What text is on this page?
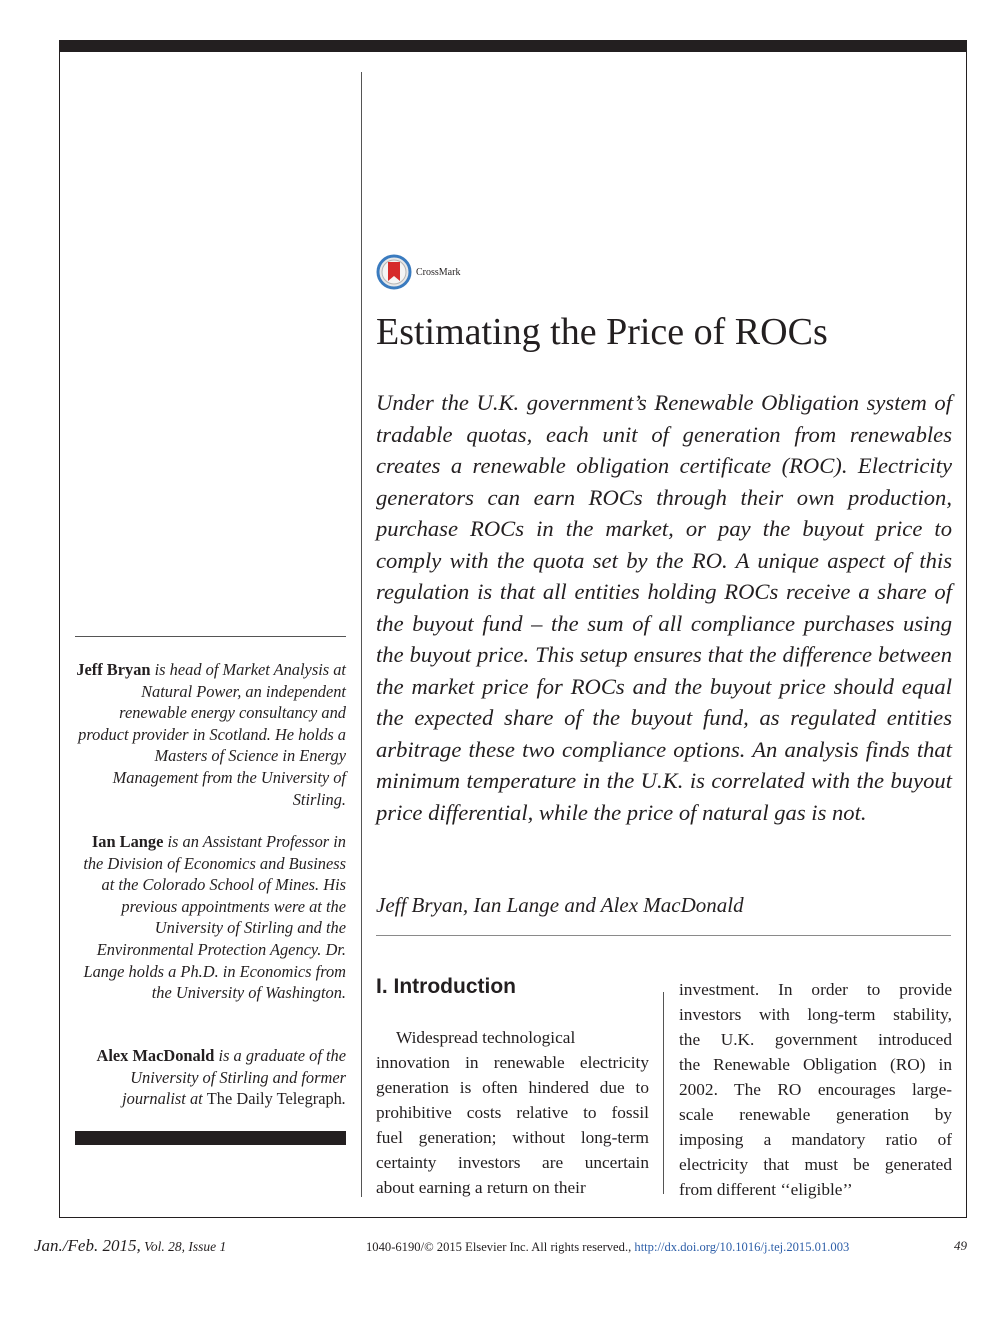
CrossMark
Estimating the Price of ROCs

Under the U.K. government’s Renewable Obligation system of tradable quotas, each unit of generation from renewables creates a renewable obligation certificate (ROC). Electricity generators can earn ROCs through their own production, purchase ROCs in the market, or pay the buyout price to comply with the quota set by the RO. A unique aspect of this regulation is that all entities holding ROCs receive a share of the buyout fund – the sum of all compliance purchases using the buyout price. This setup ensures that the difference between the market price for ROCs and the buyout price should equal the expected share of the buyout fund, as regulated entities arbitrage these two compliance options. An analysis finds that minimum temperature in the U.K. is correlated with the buyout price differential, while the price of natural gas is not.

Jeff Bryan, Ian Lange and Alex MacDonald

I. Introduction
Widespread technological
innovation in renewable electricity
generation is often hindered due to
prohibitive costs relative to fossil
fuel generation; without long-term
certainty investors are uncertain
about earning a return on their
investment. In order to provide
investors with long-term stability,
the U.K. government introduced
the Renewable Obligation (RO) in
2002. The RO encourages large-
scale renewable generation by
imposing a mandatory ratio of
electricity that must be generated
from different ‘‘eligible’’

Jeff Bryan is head of Market Analysis at Natural Power, an independent renewable energy consultancy and product provider in Scotland. He holds a Masters of Science in Energy Management from the University of Stirling.

Ian Lange is an Assistant Professor in the Division of Economics and Business at the Colorado School of Mines. His previous appointments were at the University of Stirling and the Environmental Protection Agency. Dr. Lange holds a Ph.D. in Economics from the University of Washington.

Alex MacDonald is a graduate of the University of Stirling and former journalist at The Daily Telegraph.

Jan./Feb. 2015, Vol. 28, Issue 1	1040-6190/© 2015 Elsevier Inc. All rights reserved., http://dx.doi.org/10.1016/j.tej.2015.01.003	49
